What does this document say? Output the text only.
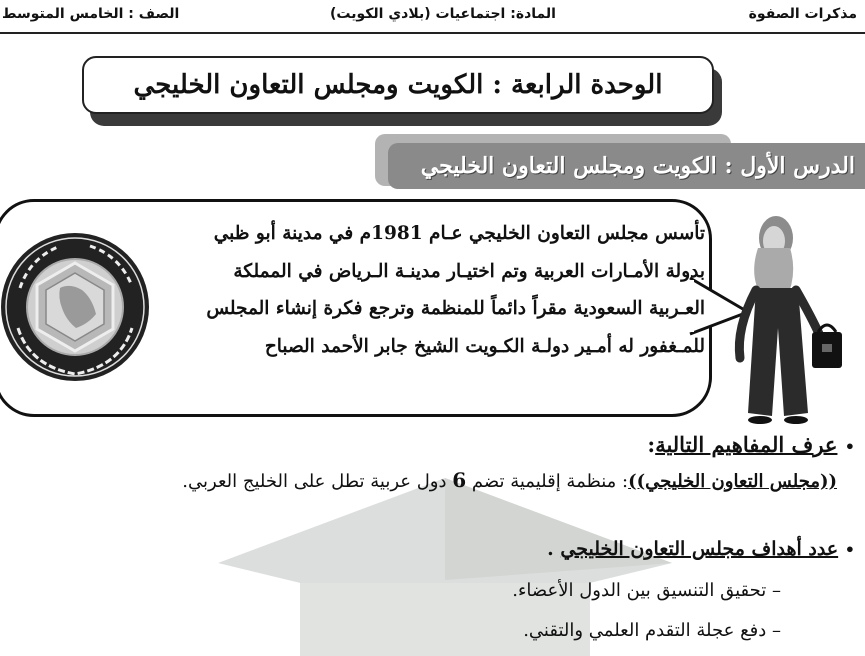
مذكرات الصفوة
المادة: اجتماعيات (بلادي الكويت)
الصف : الخامس المتوسط
الوحدة الرابعة : الكويت ومجلس التعاون الخليجي
الدرس الأول : الكويت ومجلس التعاون الخليجي
تأسس مجلس التعاون الخليجي عـام 1981م في مدينة أبو ظبي
بدولة الأمـارات العربية وتم اختيـار مدينـة الـرياض في المملكة
العـربية السعودية مقراً دائماً للمنظمة وترجع فكرة إنشاء المجلس
للمـغفور له أمـير دولـة الكـويت الشيخ جابر الأحمد الصباح
• عرف المفاهيم التالية:
((مجلس التعاون الخليجي)): منظمة إقليمية تضم 6 دول عربية تطل على الخليج العربي.
• عدد أهداف مجلس التعاون الخليجي .
– تحقيق التنسيق بين الدول الأعضاء.
– دفع عجلة التقدم العلمي والتقني.
